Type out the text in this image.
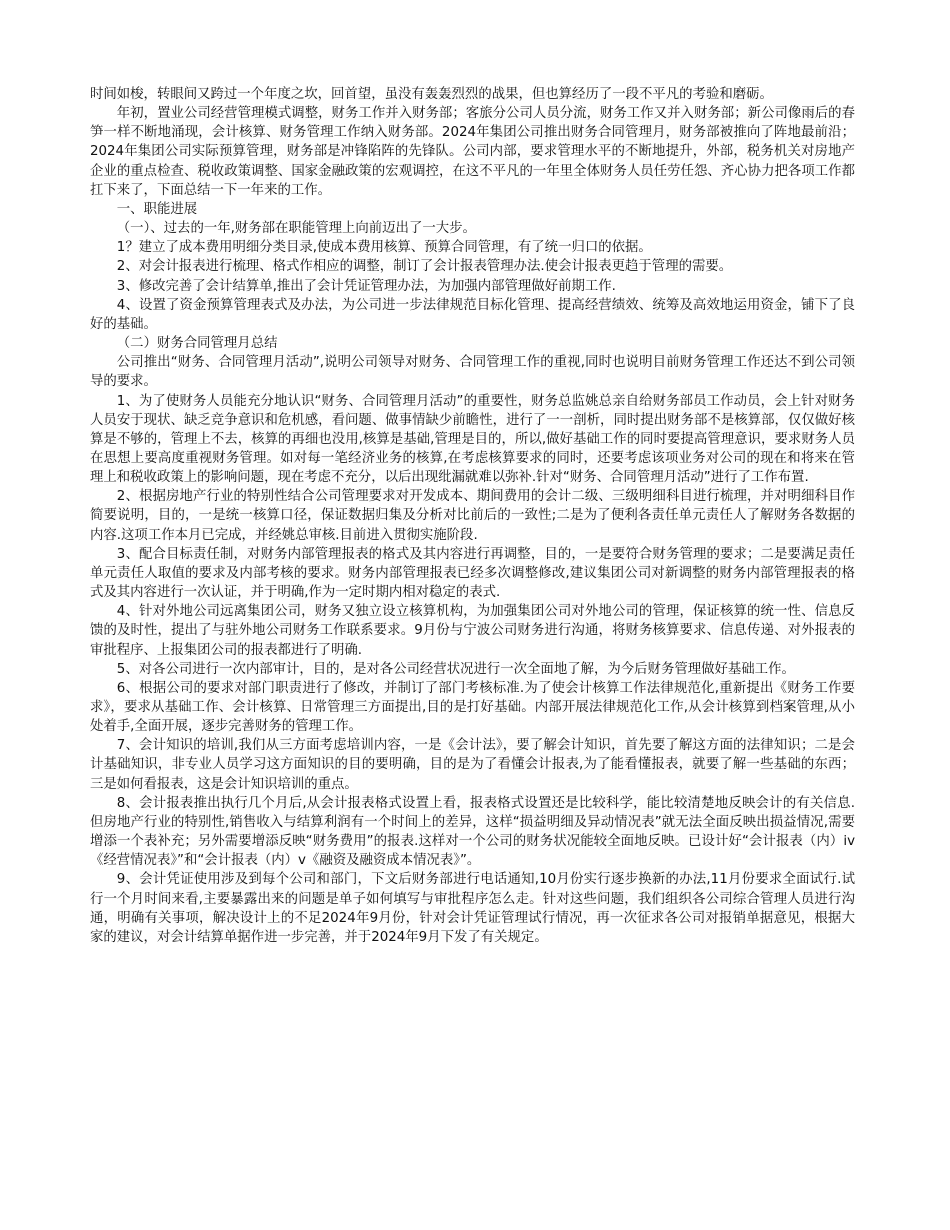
时间如梭，转眼间又跨过一个年度之坎，回首望，虽没有轰轰烈烈的战果，但也算经历了一段不平凡的考验和磨砺。

年初，置业公司经营管理模式调整，财务工作并入财务部；客旅分公司人员分流，财务工作又并入财务部；新公司像雨后的春笋一样不断地涌现，会计核算、财务管理工作纳入财务部。2024年集团公司推出财务合同管理月，财务部被推向了阵地最前沿；2024年集团公司实际预算管理，财务部是冲锋陷阵的先锋队。公司内部，要求管理水平的不断地提升，外部，税务机关对房地产企业的重点检查、税收政策调整、国家金融政策的宏观调控，在这不平凡的一年里全体财务人员任劳任怨、齐心协力把各项工作都扛下来了，下面总结一下一年来的工作。

一、职能进展

（一）、过去的一年,财务部在职能管理上向前迈出了一大步。

1？建立了成本费用明细分类目录,使成本费用核算、预算合同管理，有了统一归口的依据。

2、对会计报表进行梳理、格式作相应的调整，制订了会计报表管理办法.使会计报表更趋于管理的需要。

3、修改完善了会计结算单,推出了会计凭证管理办法，为加强内部管理做好前期工作.

4、设置了资金预算管理表式及办法，为公司进一步法律规范目标化管理、提高经营绩效、统筹及高效地运用资金，铺下了良好的基础。

（二）财务合同管理月总结

公司推出“财务、合同管理月活动”,说明公司领导对财务、合同管理工作的重视,同时也说明目前财务管理工作还达不到公司领导的要求。

1、为了使财务人员能充分地认识“财务、合同管理月活动”的重要性，财务总监姚总亲自给财务部员工作动员，会上针对财务人员安于现状、缺乏竞争意识和危机感，看问题、做事情缺少前瞻性，进行了一一剖析，同时提出财务部不是核算部，仅仅做好核算是不够的，管理上不去，核算的再细也没用,核算是基础,管理是目的，所以,做好基础工作的同时要提高管理意识，要求财务人员在思想上要高度重视财务管理。如对每一笔经济业务的核算,在考虑核算要求的同时，还要考虑该项业务对公司的现在和将来在管理上和税收政策上的影响问题，现在考虑不充分，以后出现纰漏就难以弥补.针对“财务、合同管理月活动”进行了工作布置.

2、根据房地产行业的特别性结合公司管理要求对开发成本、期间费用的会计二级、三级明细科目进行梳理，并对明细科目作简要说明，目的，一是统一核算口径，保证数据归集及分析对比前后的一致性;二是为了便利各责任单元责任人了解财务各数据的内容.这项工作本月已完成，并经姚总审核.目前进入贯彻实施阶段.

3、配合目标责任制，对财务内部管理报表的格式及其内容进行再调整，目的，一是要符合财务管理的要求；二是要满足责任单元责任人取值的要求及内部考核的要求。财务内部管理报表已经多次调整修改,建议集团公司对新调整的财务内部管理报表的格式及其内容进行一次认证，并于明确,作为一定时期内相对稳定的表式.

4、针对外地公司远离集团公司，财务又独立设立核算机构，为加强集团公司对外地公司的管理，保证核算的统一性、信息反馈的及时性，提出了与驻外地公司财务工作联系要求。9月份与宁波公司财务进行沟通，将财务核算要求、信息传递、对外报表的审批程序、上报集团公司的报表都进行了明确.

5、对各公司进行一次内部审计，目的，是对各公司经营状况进行一次全面地了解，为今后财务管理做好基础工作。

6、根据公司的要求对部门职责进行了修改，并制订了部门考核标准.为了使会计核算工作法律规范化,重新提出《财务工作要求》，要求从基础工作、会计核算、日常管理三方面提出,目的是打好基础。内部开展法律规范化工作,从会计核算到档案管理,从小处着手,全面开展，逐步完善财务的管理工作。

7、会计知识的培训,我们从三方面考虑培训内容，一是《会计法》，要了解会计知识，首先要了解这方面的法律知识；二是会计基础知识，非专业人员学习这方面知识的目的要明确，目的是为了看懂会计报表,为了能看懂报表，就要了解一些基础的东西；三是如何看报表，这是会计知识培训的重点。

8、会计报表推出执行几个月后,从会计报表格式设置上看，报表格式设置还是比较科学，能比较清楚地反映会计的有关信息.但房地产行业的特别性,销售收入与结算利润有一个时间上的差异，这样“损益明细及异动情况表”就无法全面反映出损益情况,需要增添一个表补充；另外需要增添反映“财务费用”的报表.这样对一个公司的财务状况能较全面地反映。已设计好“会计报表（内）iv《经营情况表》”和“会计报表（内）v《融资及融资成本情况表》”。

9、会计凭证使用涉及到每个公司和部门，下文后财务部进行电话通知,10月份实行逐步换新的办法,11月份要求全面试行.试行一个月时间来看,主要暴露出来的问题是单子如何填写与审批程序怎么走。针对这些问题，我们组织各公司综合管理人员进行沟通，明确有关事项，解决设计上的不足2024年9月份，针对会计凭证管理试行情况，再一次征求各公司对报销单据意见，根据大家的建议，对会计结算单据作进一步完善，并于2024年9月下发了有关规定。
